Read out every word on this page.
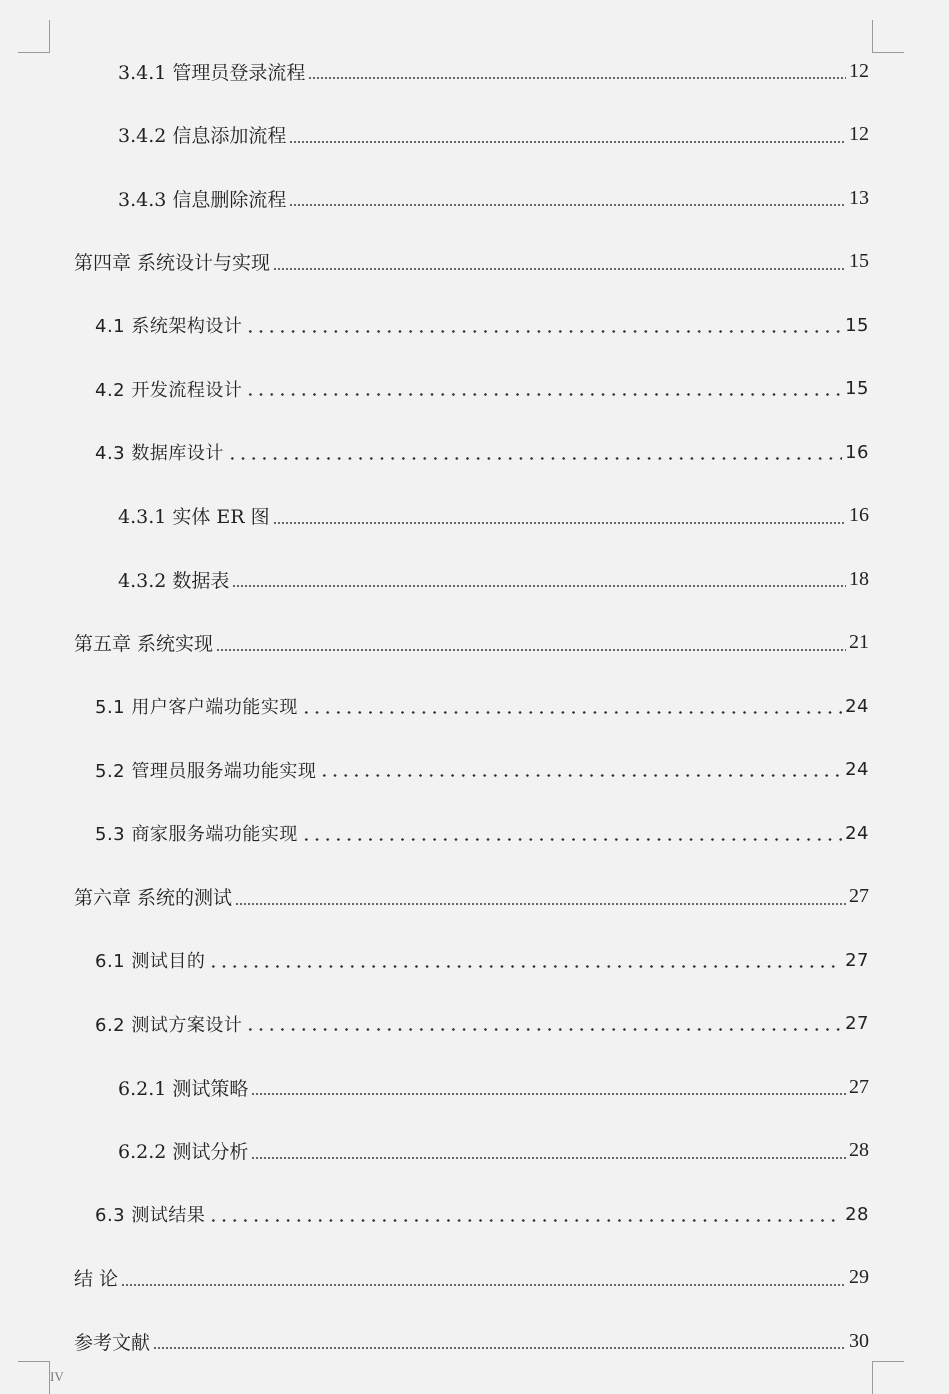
3.4.1 管理员登录流程	12
3.4.2 信息添加流程	12
3.4.3 信息删除流程	13
第四章 系统设计与实现	15
4.1 系统架构设计	15
4.2 开发流程设计	15
4.3 数据库设计	16
4.3.1 实体 ER 图	16
4.3.2 数据表	18
第五章 系统实现	21
5.1 用户客户端功能实现	24
5.2 管理员服务端功能实现	24
5.3 商家服务端功能实现	24
第六章 系统的测试	27
6.1 测试目的	27
6.2 测试方案设计	27
6.2.1 测试策略	27
6.2.2 测试分析	28
6.3 测试结果	28
结 论	29
参考文献	30
IV
